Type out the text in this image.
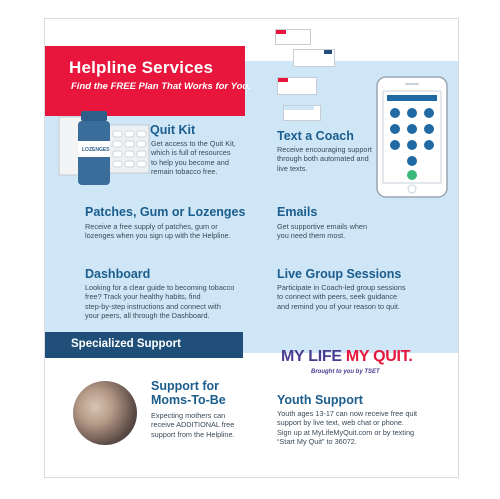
Helpline Services
Find the FREE Plan That Works for You.
LOZENGES
Quit Kit
Get access to the Quit Kit,
which is full of resources
to help you become and
remain tobacco free.
Text a Coach
Receive encouraging support
through both automated and
live texts.
Patches, Gum or Lozenges
Receive a free supply of patches, gum or
lozenges when you sign up with the Helpline.
Emails
Get supportive emails when
you need them most.
Dashboard
Looking for a clear guide to becoming tobacco
free? Track your healthy habits, find
step-by-step instructions and connect with
your peers, all through the Dashboard.
Live Group Sessions
Participate in Coach-led group sessions
to connect with peers, seek guidance
and remind you of your reason to quit.
Specialized Support
MY LIFE MY QUIT.
Brought to you by TSET
Support for
Moms-To-Be
Expecting mothers can
receive ADDITIONAL free
support from the Helpline.
Youth Support
Youth ages 13-17 can now receive free quit
support by live text, web chat or phone.
Sign up at MyLifeMyQuit.com or by texting
“Start My Quit” to 36072.
